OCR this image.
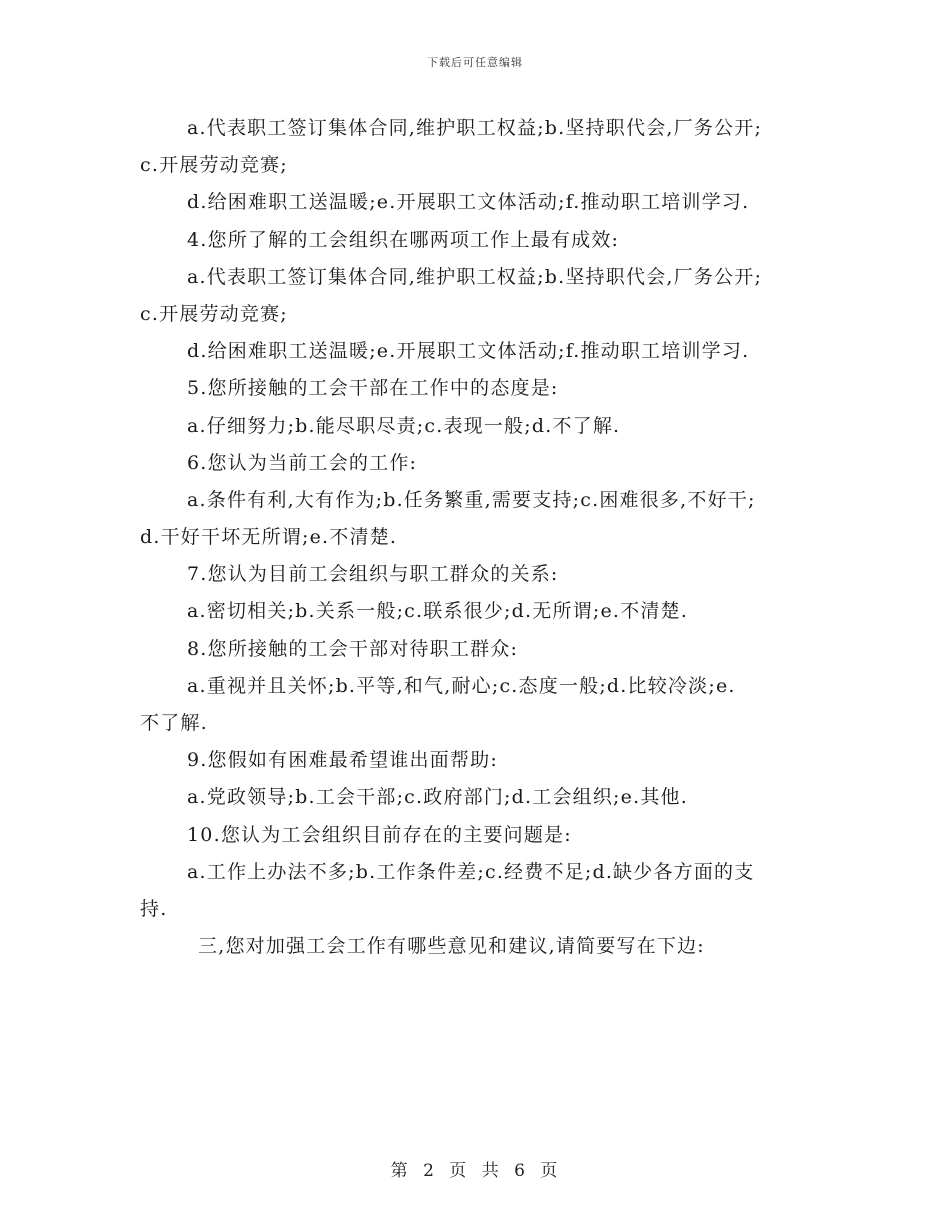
下载后可任意编辑
a.代表职工签订集体合同,维护职工权益;b.坚持职代会,厂务公开;
c.开展劳动竞赛;
d.给困难职工送温暖;e.开展职工文体活动;f.推动职工培训学习.
4.您所了解的工会组织在哪两项工作上最有成效:
a.代表职工签订集体合同,维护职工权益;b.坚持职代会,厂务公开;
c.开展劳动竞赛;
d.给困难职工送温暖;e.开展职工文体活动;f.推动职工培训学习.
5.您所接触的工会干部在工作中的态度是:
a.仔细努力;b.能尽职尽责;c.表现一般;d.不了解.
6.您认为当前工会的工作:
a.条件有利,大有作为;b.任务繁重,需要支持;c.困难很多,不好干;
d.干好干坏无所谓;e.不清楚.
7.您认为目前工会组织与职工群众的关系:
a.密切相关;b.关系一般;c.联系很少;d.无所谓;e.不清楚.
8.您所接触的工会干部对待职工群众:
a.重视并且关怀;b.平等,和气,耐心;c.态度一般;d.比较冷淡;e.
不了解.
9.您假如有困难最希望谁出面帮助:
a.党政领导;b.工会干部;c.政府部门;d.工会组织;e.其他.
10.您认为工会组织目前存在的主要问题是:
a.工作上办法不多;b.工作条件差;c.经费不足;d.缺少各方面的支
持.
三,您对加强工会工作有哪些意见和建议,请简要写在下边:
第 2 页 共 6 页
